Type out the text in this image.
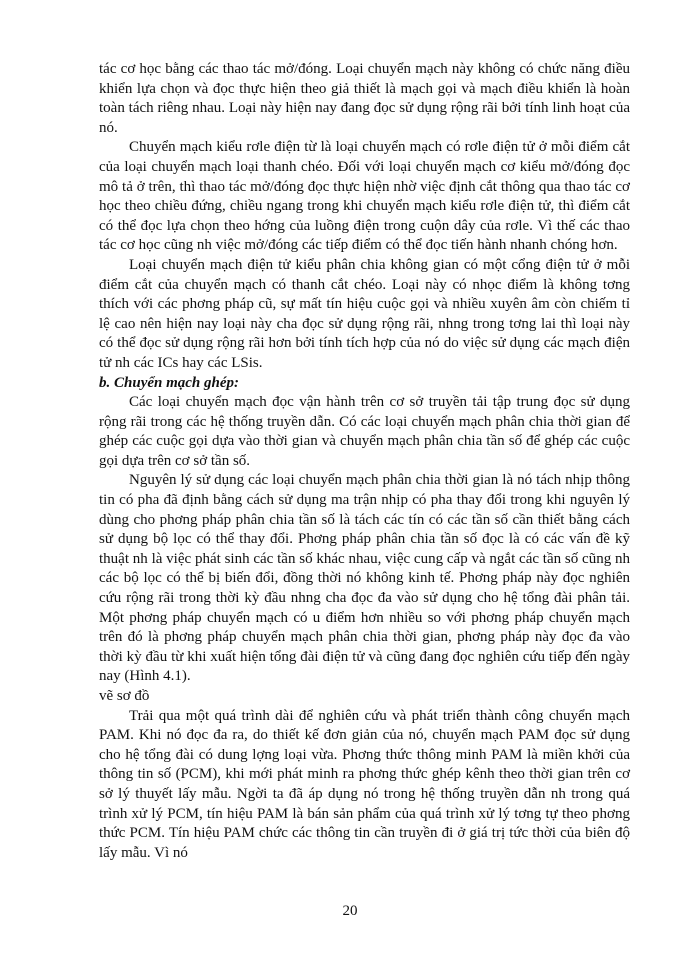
tác cơ học bằng các thao tác mở/đóng. Loại chuyển mạch này không có chức năng điều khiển lựa chọn và đọc thực hiện theo giả thiết là mạch gọi và mạch điều khiển là hoàn toàn tách riêng nhau. Loại này hiện nay đang đọc sử dụng rộng rãi bởi tính linh hoạt của nó.

Chuyển mạch kiểu rơle điện từ là loại chuyển mạch có rơle điện tử ở mỗi điểm cắt của loại chuyển mạch loại thanh chéo. Đối với loại chuyển mạch cơ kiểu mở/đóng đọc mô tả ở trên, thì thao tác mở/đóng đọc thực hiện nhờ việc định cắt thông qua thao tác cơ học theo chiều đứng, chiều ngang trong khi chuyển mạch kiểu rơle điện tử, thì điểm cắt có thể đọc lựa chọn theo hớng của luồng điện trong cuộn dây của rơle. Vì thế các thao tác cơ học cũng nh việc mở/đóng các tiếp điểm có thể đọc tiến hành nhanh chóng hơn.

Loại chuyển mạch điện tử kiểu phân chia không gian có một cổng điện tử ở mỗi điểm cắt của chuyển mạch có thanh cắt chéo. Loại này có nhọc điểm là không tơng thích với các phơng pháp cũ, sự mất tín hiệu cuộc gọi và nhiều xuyên âm còn chiếm tỉ lệ cao nên hiện nay loại này cha đọc sử dụng rộng rãi, nhng trong tơng lai thì loại này có thể đọc sử dụng rộng rãi hơn bởi tính tích hợp của nó do việc sử dụng các mạch điện tử nh các ICs hay các LSis.

b. Chuyển mạch ghép:

Các loại chuyển mạch đọc vận hành trên cơ sở truyền tải tập trung đọc sử dụng rộng rãi trong các hệ thống truyền dẫn. Có các loại chuyển mạch phân chia thời gian để ghép các cuộc gọi dựa vào thời gian và chuyển mạch phân chia tần số để ghép các cuộc gọi dựa trên cơ sở tần số.

Nguyên lý sử dụng các loại chuyển mạch phân chia thời gian là nó tách nhịp thông tin có pha đã định bằng cách sử dụng ma trận nhịp có pha thay đổi trong khi nguyên lý dùng cho phơng pháp phân chia tần số là tách các tín có các tần số cần thiết bằng cách sử dụng bộ lọc có thể thay đổi. Phơng pháp phân chia tần số đọc là có các vấn đề kỹ thuật nh là việc phát sinh các tần số khác nhau, việc cung cấp và ngắt các tần số cũng nh các bộ lọc có thể bị biến đổi, đồng thời nó không kinh tế. Phơng pháp này đọc nghiên cứu rộng rãi trong thời kỳ đầu nhng cha đọc đa vào sử dụng cho hệ tổng đài phân tải. Một phơng pháp chuyển mạch có u điểm hơn nhiều so với phơng pháp chuyển mạch trên đó là phơng pháp chuyển mạch phân chia thời gian, phơng pháp này đọc đa vào thời kỳ đầu từ khi xuất hiện tổng đài điện tử và cũng đang đọc nghiên cứu tiếp đến ngày nay (Hình 4.1).

vẽ sơ đồ

Trải qua một quá trình dài để nghiên cứu và phát triển thành công chuyển mạch PAM. Khi nó đọc đa ra, do thiết kế đơn giản của nó, chuyển mạch PAM đọc sử dụng cho hệ tổng đài có dung lợng loại vừa. Phơng thức thông minh PAM là miền khởi của thông tin số (PCM), khi mới phát minh ra phơng thức ghép kênh theo thời gian trên cơ sở lý thuyết lấy mẫu. Ngời ta đã áp dụng nó trong hệ thống truyền dẫn nh trong quá trình xử lý PCM, tín hiệu PAM là bán sản phẩm của quá trình xử lý tơng tự theo phơng thức PCM. Tín hiệu PAM chức các thông tin cần truyền đi ở giá trị tức thời của biên độ lấy mẫu. Vì nó

20
